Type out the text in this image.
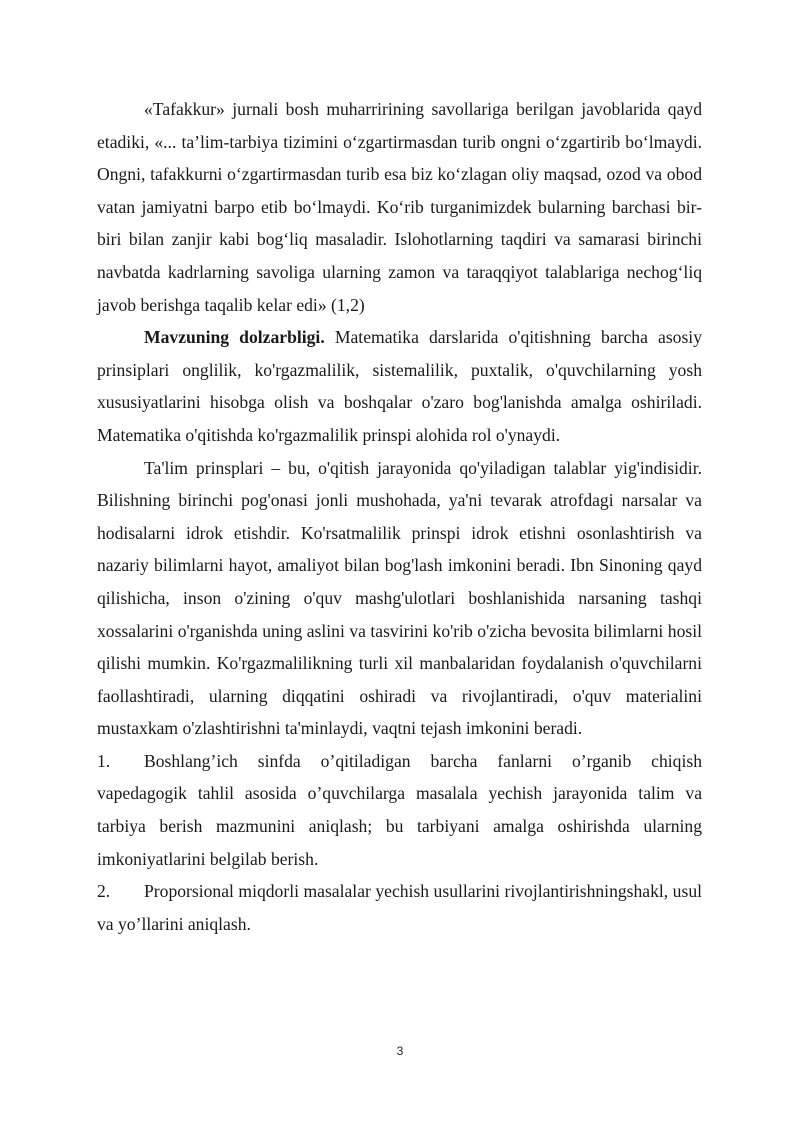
«Tafakkur» jurnali bosh muharririning savollariga berilgan javoblarida qayd etadiki, «... ta’lim-tarbiya tizimini o‘zgartirmasdan turib ongni o‘zgartirib bo‘lmaydi. Ongni, tafakkurni o‘zgartirmasdan turib esa biz ko‘zlagan oliy maqsad, ozod va obod vatan jamiyatni barpo etib bo‘lmaydi. Ko‘rib turganimizdek bularning barchasi bir-biri bilan zanjir kabi bog‘liq masaladir. Islohotlarning taqdiri va samarasi birinchi navbatda kadrlarning savoliga ularning zamon va taraqqiyot talablariga nechog‘liq javob berishga taqalib kelar edi» (1,2)

Mavzuning dolzarbligi. Matematika darslarida o'qitishning barcha asosiy prinsiplari onglilik, ko'rgazmalilik, sistemalilik, puxtalik, o'quvchilarning yosh xususiyatlarini hisobga olish va boshqalar o'zaro bog'lanishda amalga oshiriladi. Matematika o'qitishda ko'rgazmalilik prinspi alohida rol o'ynaydi.

Ta'lim prinsplari – bu, o'qitish jarayonida qo'yiladigan talablar yig'indisidir. Bilishning birinchi pog'onasi jonli mushohada, ya'ni tevarak atrofdagi narsalar va hodisalarni idrok etishdir. Ko'rsatmalilik prinspi idrok etishni osonlashtirish va nazariy bilimlarni hayot, amaliyot bilan bog'lash imkonini beradi. Ibn Sinoning qayd qilishicha, inson o'zining o'quv mashg'ulotlari boshlanishida narsaning tashqi xossalarini o'rganishda uning aslini va tasvirini ko'rib o'zicha bevosita bilimlarni hosil qilishi mumkin. Ko'rgazmalilikning turli xil manbalaridan foydalanish o'quvchilarni faollashtiradi, ularning diqqatini oshiradi va rivojlantiradi, o'quv materialini mustaxkam o'zlashtirishni ta'minlaydi, vaqtni tejash imkonini beradi.

1. Boshlang’ich sinfda o’qitiladigan barcha fanlarni o’rganib chiqish vapedagogik tahlil asosida o’quvchilarga masalala yechish jarayonida talim va tarbiya berish mazmunini aniqlash; bu tarbiyani amalga oshirishda ularning imkoniyatlarini belgilab berish.

2. Proporsional miqdorli masalalar yechish usullarini rivojlantirishningshakl, usul va yo’llarini aniqlash.

3
